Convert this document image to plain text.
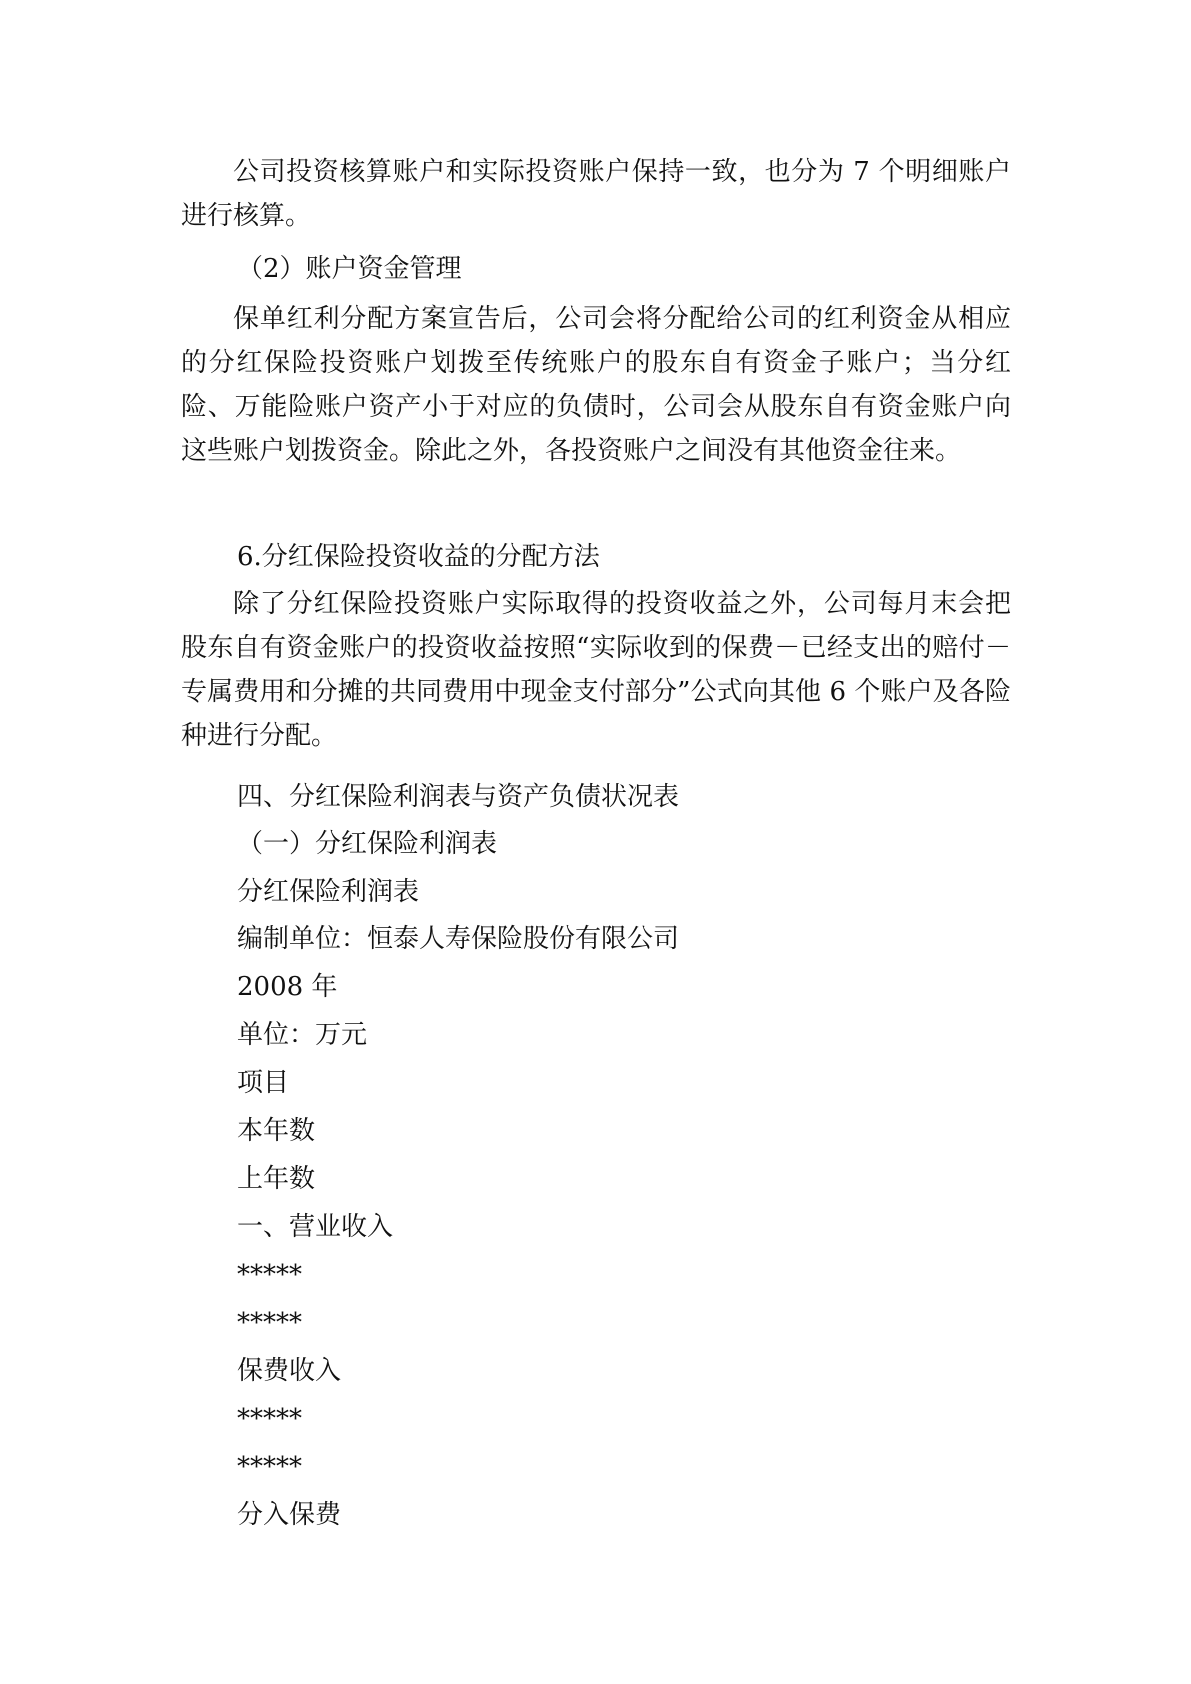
公司投资核算账户和实际投资账户保持一致，也分为 7 个明细账户进行核算。

（2）账户资金管理

保单红利分配方案宣告后，公司会将分配给公司的红利资金从相应的分红保险投资账户划拨至传统账户的股东自有资金子账户；当分红险、万能险账户资产小于对应的负债时，公司会从股东自有资金账户向这些账户划拨资金。除此之外，各投资账户之间没有其他资金往来。

6.分红保险投资收益的分配方法

除了分红保险投资账户实际取得的投资收益之外，公司每月末会把股东自有资金账户的投资收益按照“实际收到的保费－已经支出的赔付－专属费用和分摊的共同费用中现金支付部分”公式向其他 6 个账户及各险种进行分配。

四、分红保险利润表与资产负债状况表

（一）分红保险利润表

分红保险利润表

编制单位：恒泰人寿保险股份有限公司

2008 年

单位：万元

项目

本年数

上年数

一、营业收入

*****

*****

保费收入

*****

*****

分入保费
